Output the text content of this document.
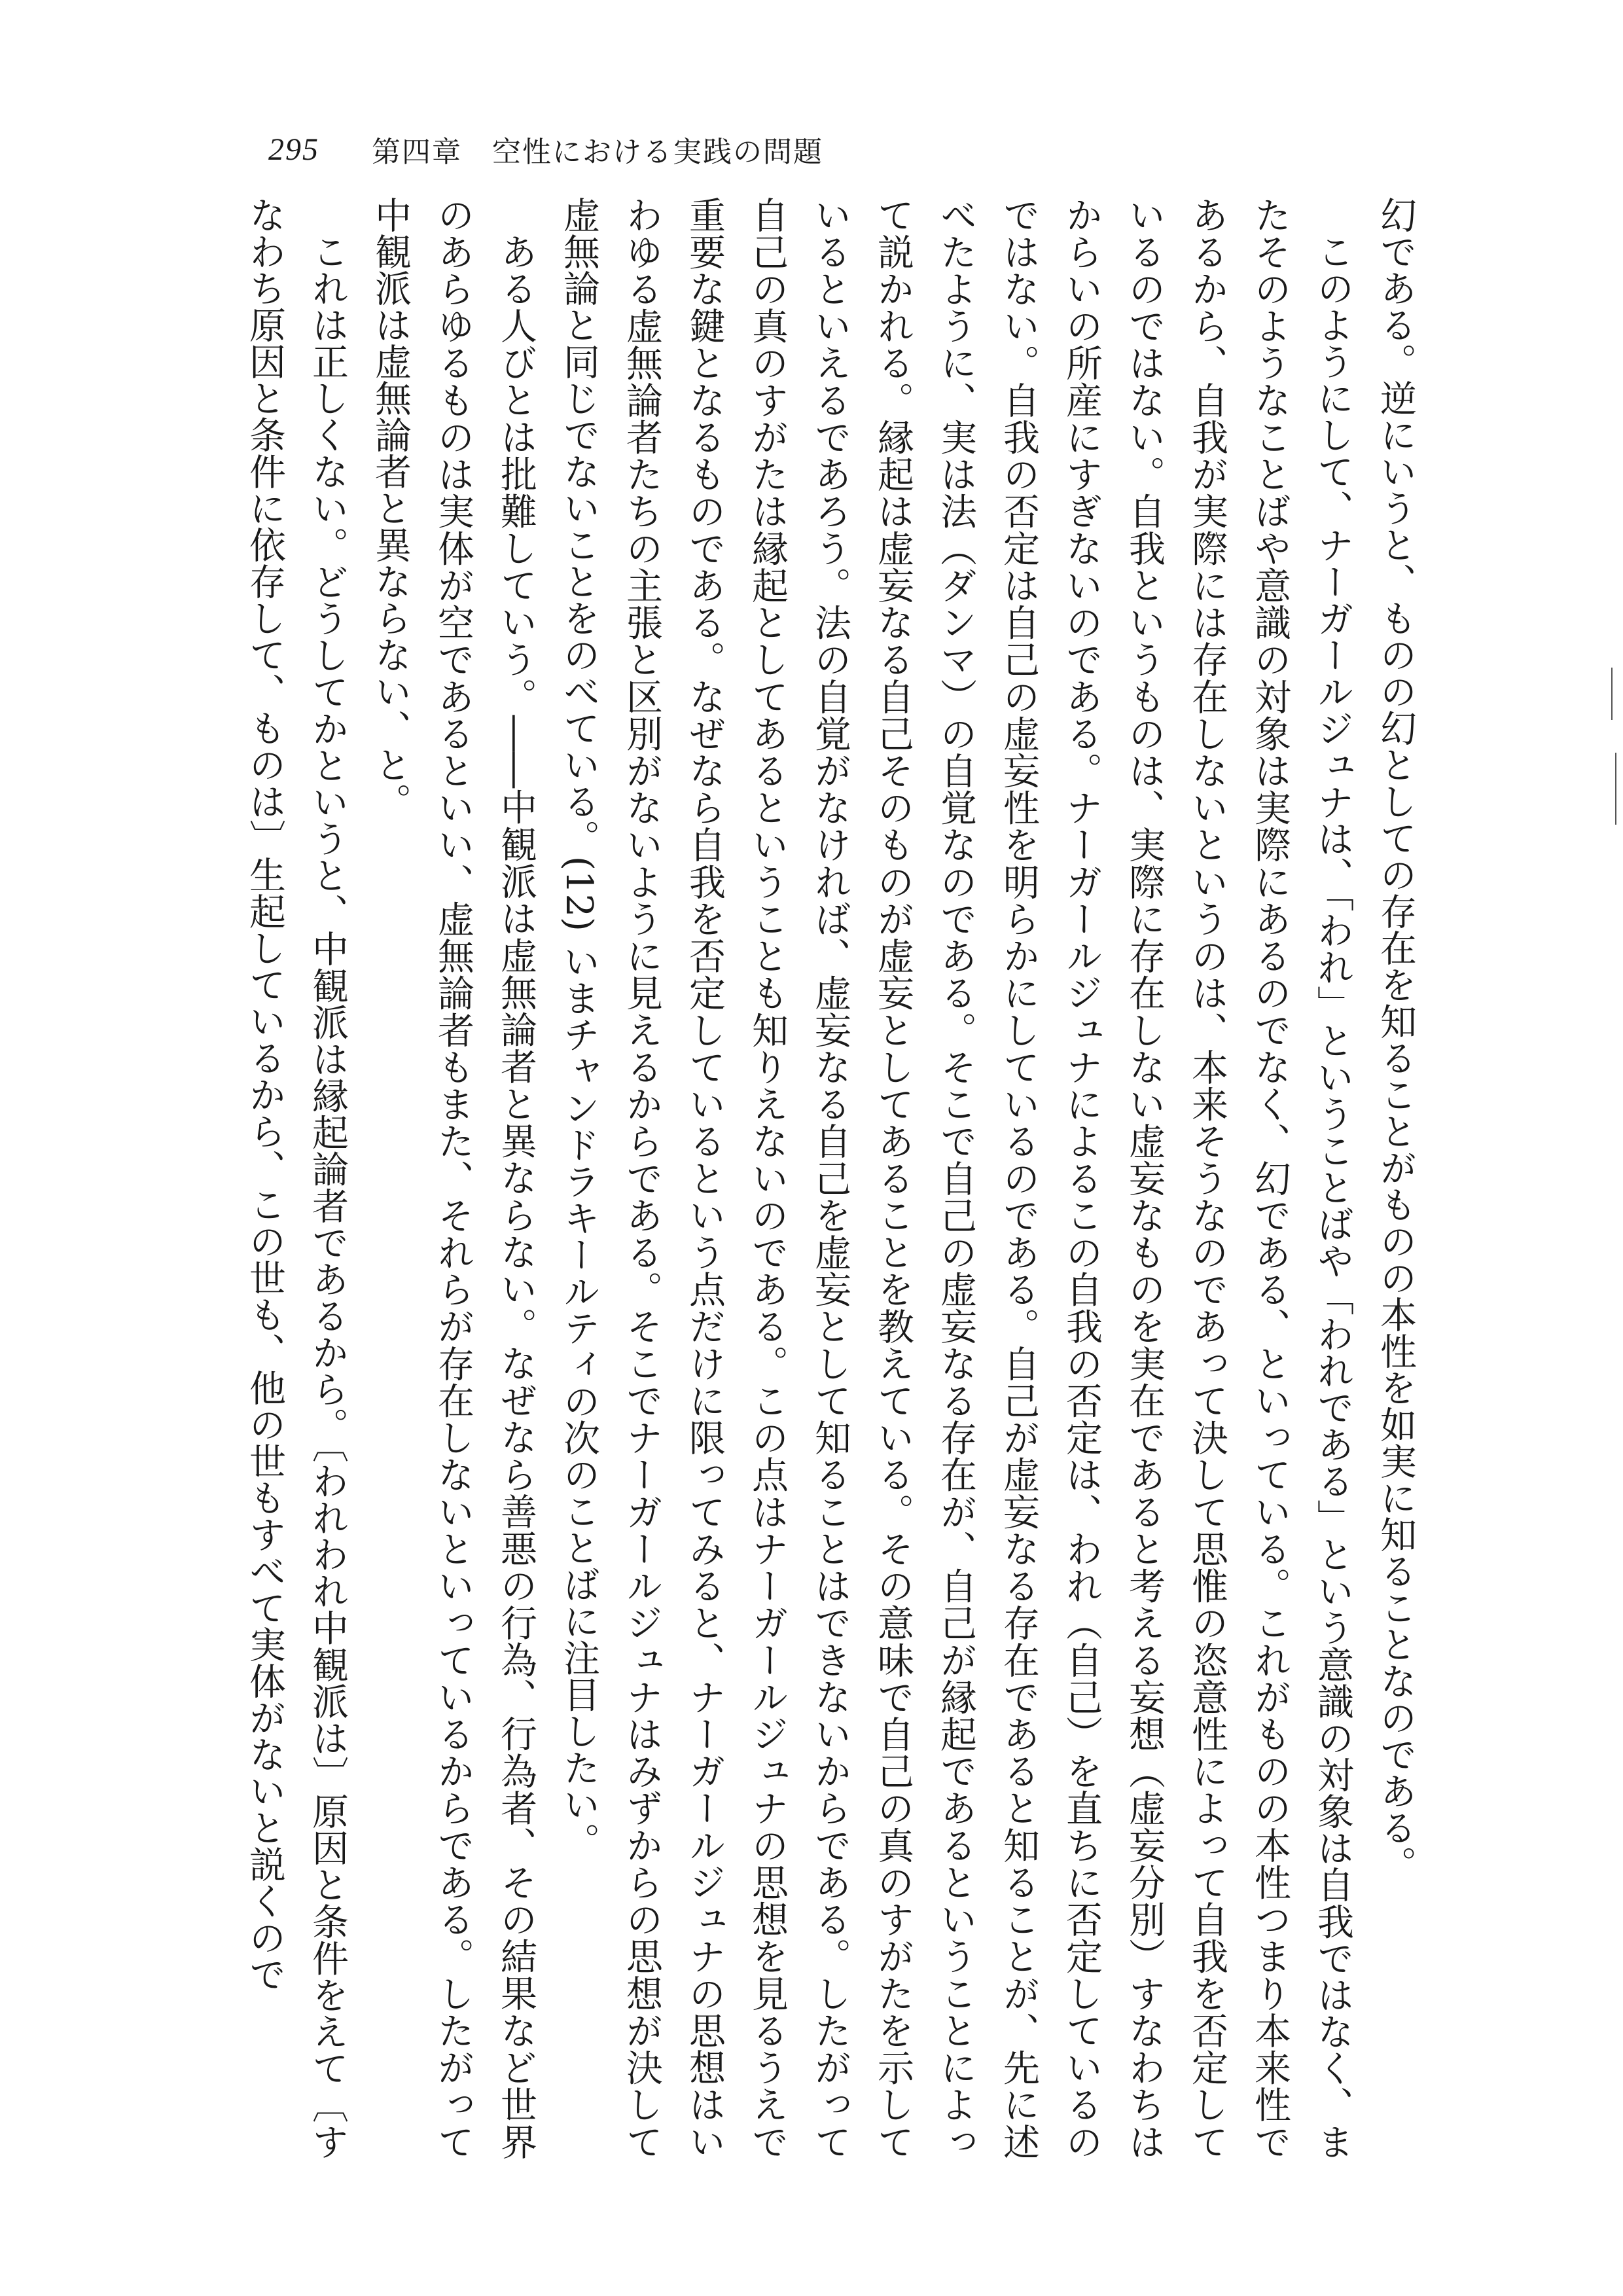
295 第四章　空性における実践の問題

幻である。逆にいうと、ものの幻としての存在を知ることがものの本性を如実に知ることなのである。

このようにして、ナーガールジュナは、「われ」ということばや「われである」という意識の対象は自我ではなく、またそのようなことばや意識の対象は実際にあるのでなく、幻である、といっている。これがものの本性つまり本来性であるから、自我が実際には存在しないというのは、本来そうなのであって決して思惟の恣意性によって自我を否定しているのではない。自我というものは、実際に存在しない虚妄なものを実在であると考える妄想（虚妄分別）すなわちはからいの所産にすぎないのである。ナーガールジュナによるこの自我の否定は、われ（自己）を直ちに否定しているのではない。自我の否定は自己の虚妄性を明らかにしているのである。自己が虚妄なる存在であると知ることが、先に述べたように、実は法（ダンマ）の自覚なのである。そこで自己の虚妄なる存在が、自己が縁起であるということによって説かれる。縁起は虚妄なる自己そのものが虚妄としてあることを教えている。その意味で自己の真のすがたを示しているといえるであろう。法の自覚がなければ、虚妄なる自己を虚妄として知ることはできないからである。したがって自己の真のすがたは縁起としてあるということも知りえないのである。この点はナーガールジュナの思想を見るうえで重要な鍵となるものである。なぜなら自我を否定しているという点だけに限ってみると、ナーガールジュナの思想はいわゆる虚無論者たちの主張と区別がないように見えるからである。そこでナーガールジュナはみずからの思想が決して虚無論と同じでないことをのべている。(12) いまチャンドラキールティの次のことばに注目したい。

ある人びとは批難していう。――中観派は虚無論者と異ならない。なぜなら善悪の行為、行為者、その結果など世界のあらゆるものは実体が空であるといい、虚無論者もまた、それらが存在しないといっているからである。したがって中観派は虚無論者と異ならない、と。

これは正しくない。どうしてかというと、中観派は縁起論者であるから。〔われわれ中観派は〕原因と条件をえて〔すなわち原因と条件に依存して、ものは〕生起しているから、この世も、他の世もすべて実体がないと説くので
